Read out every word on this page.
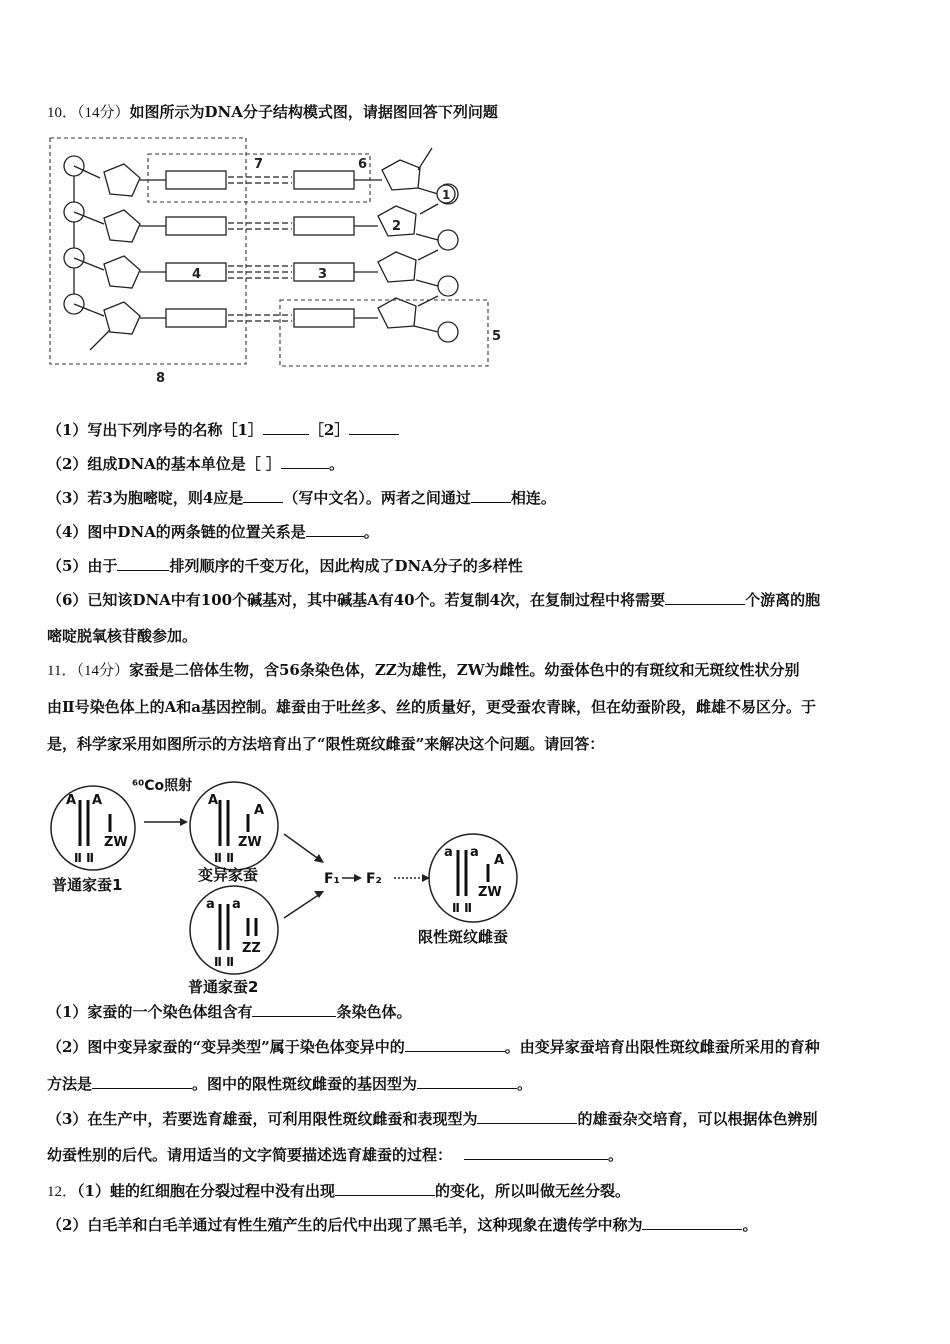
10．（14分）如图所示为DNA分子结构模式图，请据图回答下列问题
7	6
2
4	3
5
8
1
（1）写出下列序号的名称［1］	［2］
（2）组成DNA的基本单位是［ ］	。
（3）若3为胞嘧啶，则4应是	（写中文名）。两者之间通过	相连。
（4）图中DNA的两条链的位置关系是	。
（5）由于	排列顺序的千变万化，因此构成了DNA分子的多样性
（6）已知该DNA中有100个碱基对，其中碱基A有40个。若复制4次，在复制过程中将需要	个游离的胞
嘧啶脱氧核苷酸参加。
11．（14分）家蚕是二倍体生物，含56条染色体，ZZ为雄性，ZW为雌性。幼蚕体色中的有斑纹和无斑纹性状分别
由Ⅱ号染色体上的A和a基因控制。雄蚕由于吐丝多、丝的质量好，更受蚕农青睐，但在幼蚕阶段，雌雄不易区分。于
是，科学家采用如图所示的方法培育出了“限性斑纹雌蚕”来解决这个问题。请回答：
A A
Ⅱ Ⅱ
ZW
⁶⁰Co照射
A
A
Ⅱ Ⅱ
ZW
a a
Ⅱ Ⅱ
ZZ
a a
A
Ⅱ Ⅱ
ZW
F₁ F₂
普通家蚕1
变异家蚕
普通家蚕2
限性斑纹雌蚕
（1）家蚕的一个染色体组含有	条染色体。
（2）图中变异家蚕的“变异类型”属于染色体变异中的	。由变异家蚕培育出限性斑纹雌蚕所采用的育种
方法是	。图中的限性斑纹雌蚕的基因型为	。
（3）在生产中，若要选育雄蚕，可利用限性斑纹雌蚕和表现型为	的雄蚕杂交培育，可以根据体色辨别
幼蚕性别的后代。请用适当的文字简要描述选育雄蚕的过程：	。
12．（1）蛙的红细胞在分裂过程中没有出现	的变化，所以叫做无丝分裂。
（2）白毛羊和白毛羊通过有性生殖产生的后代中出现了黑毛羊，这种现象在遗传学中称为	。
